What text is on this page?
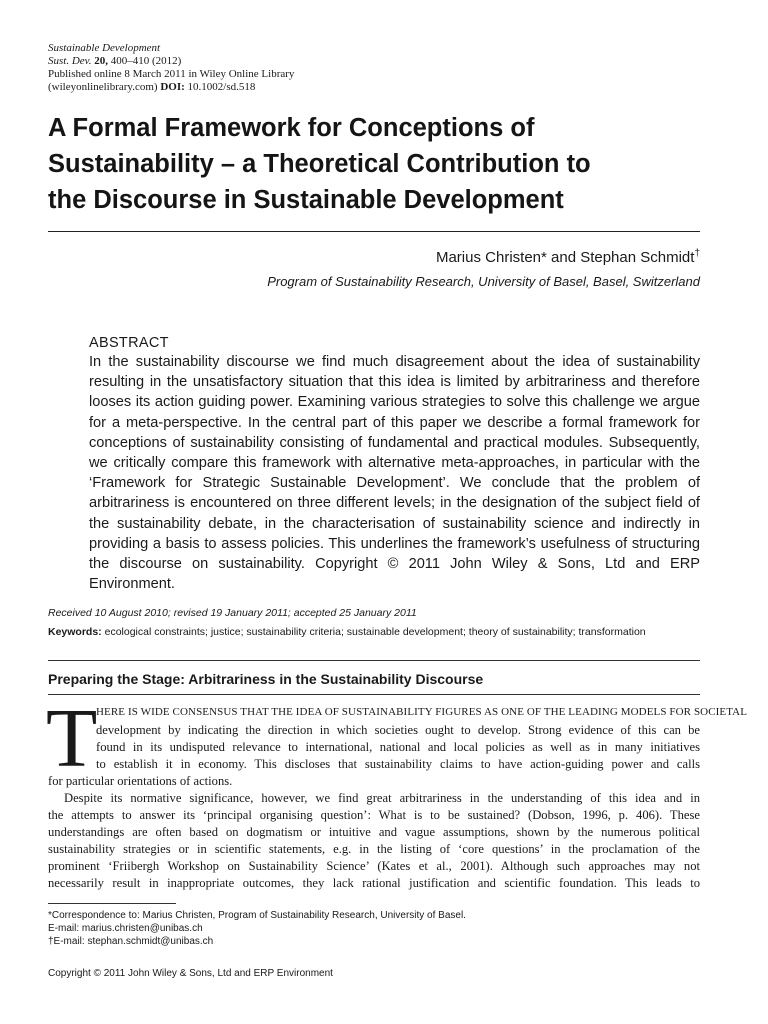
Sustainable Development
Sust. Dev. 20, 400–410 (2012)
Published online 8 March 2011 in Wiley Online Library
(wileyonlinelibrary.com) DOI: 10.1002/sd.518
A Formal Framework for Conceptions of
Sustainability – a Theoretical Contribution to
the Discourse in Sustainable Development
Marius Christen* and Stephan Schmidt†
Program of Sustainability Research, University of Basel, Basel, Switzerland
ABSTRACT
In the sustainability discourse we find much disagreement about the idea of sustainability resulting in the unsatisfactory situation that this idea is limited by arbitrariness and therefore looses its action guiding power. Examining various strategies to solve this challenge we argue for a meta-perspective. In the central part of this paper we describe a formal framework for conceptions of sustainability consisting of fundamental and practical modules. Subsequently, we critically compare this framework with alternative meta-approaches, in particular with the ‘Framework for Strategic Sustainable Development’. We conclude that the problem of arbitrariness is encountered on three different levels; in the designation of the subject field of the sustainability debate, in the characterisation of sustainability science and indirectly in providing a basis to assess policies. This underlines the framework’s usefulness of structuring the discourse on sustainability. Copyright © 2011 John Wiley & Sons, Ltd and ERP Environment.
Received 10 August 2010; revised 19 January 2011; accepted 25 January 2011
Keywords: ecological constraints; justice; sustainability criteria; sustainable development; theory of sustainability; transformation
Preparing the Stage: Arbitrariness in the Sustainability Discourse
T
HERE IS WIDE CONSENSUS THAT THE IDEA OF SUSTAINABILITY FIGURES AS ONE OF THE LEADING MODELS FOR SOCIETAL
development by indicating the direction in which societies ought to develop. Strong evidence of this can be
found in its undisputed relevance to international, national and local policies as well as in many initiatives
to establish it in economy. This discloses that sustainability claims to have action-guiding power and calls
for particular orientations of actions.
Despite its normative significance, however, we find great arbitrariness in the understanding of this idea and in
the attempts to answer its ‘principal organising question’: What is to be sustained? (Dobson, 1996, p. 406). These
understandings are often based on dogmatism or intuitive and vague assumptions, shown by the numerous political
sustainability strategies or in scientific statements, e.g. in the listing of ‘core questions’ in the proclamation of the
prominent ‘Friibergh Workshop on Sustainability Science’ (Kates et al., 2001). Although such approaches may not
necessarily result in inappropriate outcomes, they lack rational justification and scientific foundation. This leads to
*Correspondence to: Marius Christen, Program of Sustainability Research, University of Basel.
E-mail: marius.christen@unibas.ch
†E-mail: stephan.schmidt@unibas.ch
Copyright © 2011 John Wiley & Sons, Ltd and ERP Environment
